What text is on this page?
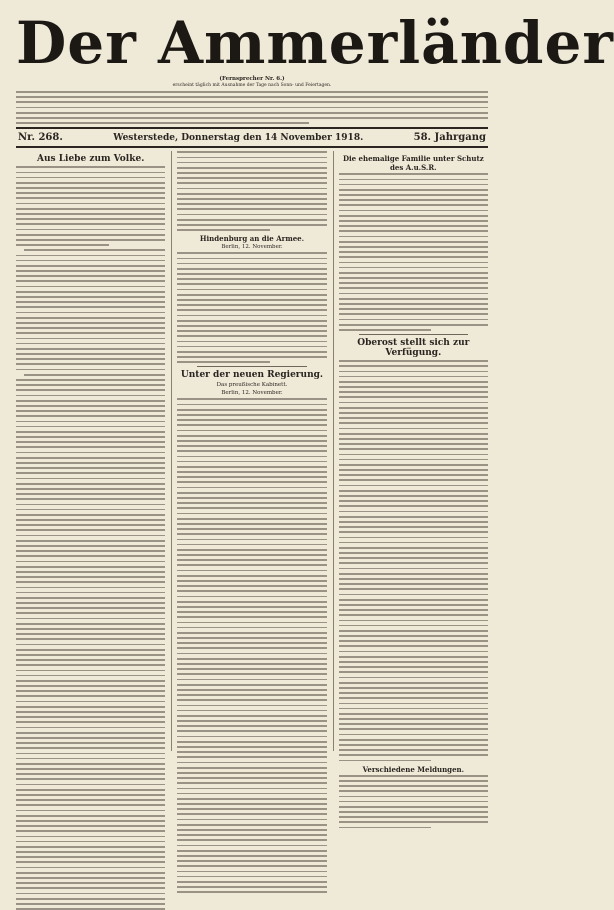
Der Ammerländer
(Fernsprecher Nr. 6.)
erscheint täglich mit Ausnahme der Tage nach Sonn- und Feiertagen.
Nr. 268.	Westerstede, Donnerstag den 14 November 1918.	58. Jahrgang
Aus Liebe zum Volke.
Hindenburg an die Armee.
Berlin, 12. November.
Unter der neuen Regierung.
Das preußische Kabinett.
Berlin, 12. November.
Die ehemalige Familie unter Schutz des A.u.S.R.
Oberost stellt sich zur Verfügung.
Verschiedene Meldungen.
